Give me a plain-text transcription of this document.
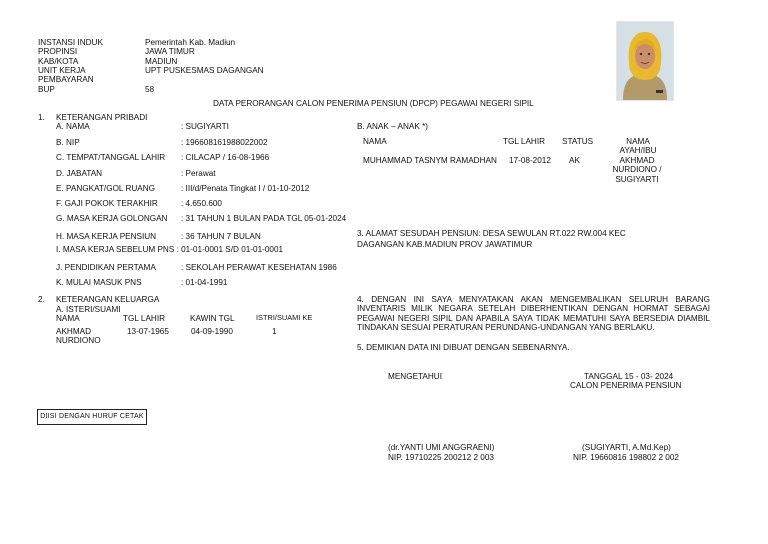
INSTANSI INDUK	Pemerintah Kab. Madiun
PROPINSI	JAWA TIMUR
KAB/KOTA	MADIUN
UNIT KERJA	UPT PUSKESMAS DAGANGAN
PEMBAYARAN
BUP	58
DATA PERORANGAN CALON PENERIMA PENSIUN (DPCP) PEGAWAI NEGERI SIPIL
1. KETERANGAN PRIBADI
A. NAMA	: SUGIYARTI
B. NIP	: 196608161988022002
C. TEMPAT/TANGGAL LAHIR : CILACAP / 16-08-1966
D. JABATAN	: Perawat
E. PANGKAT/GOL RUANG	: III/d/Penata Tingkat I / 01-10-2012
F. GAJI POKOK TERAKHIR	: 4.650.600
G. MASA KERJA GOLONGAN : 31 TAHUN 1 BULAN PADA TGL 05-01-2024
H. MASA KERJA PENSIUN	: 36 TAHUN 7 BULAN
I. MASA KERJA SEBELUM PNS : 01-01-0001 S/D 01-01-0001
J. PENDIDIKAN PERTAMA	: SEKOLAH PERAWAT KESEHATAN 1986
K. MULAI MASUK PNS	: 01-04-1991
B. ANAK – ANAK *)
NAMA	TGL LAHIR STATUS	NAMA AYAH/IBU
MUHAMMAD TASNYM RAMADHAN 17-08-2012 AK	AKHMAD NURDIONO / SUGIYARTI
3. ALAMAT SESUDAH PENSIUN: DESA SEWULAN RT.022 RW.004 KEC DAGANGAN KAB.MADIUN PROV JAWATIMUR
2. KETERANGAN KELUARGA
A. ISTERI/SUAMI
NAMA	TGL LAHIR	KAWIN TGL	ISTRI/SUAMI KE
AKHMAD NURDIONO
13-07-1965	04-09-1990	1
4. DENGAN INI SAYA MENYATAKAN AKAN MENGEMBALIKAN SELURUH BARANG INVENTARIS MILIK NEGARA SETELAH DIBERHENTIKAN DENGAN HORMAT SEBAGAI PEGAWAI NEGERI SIPIL DAN APABILA SAYA TIDAK MEMATUHI SAYA BERSEDIA DIAMBIL TINDAKAN SESUAI PERATURAN PERUNDANG-UNDANGAN YANG BERLAKU.
5. DEMIKIAN DATA INI DIBUAT DENGAN SEBENARNYA.
MENGETAHUI	TANGGAL 15 - 03- 2024
CALON PENERIMA PENSIUN
(dr.YANTI UMI ANGGRAENI)
NIP. 19710225 200212 2 003
(SUGIYARTI, A.Md.Kep)
NIP. 19660816 198802 2 002
DIISI DENGAN HURUF CETAK
